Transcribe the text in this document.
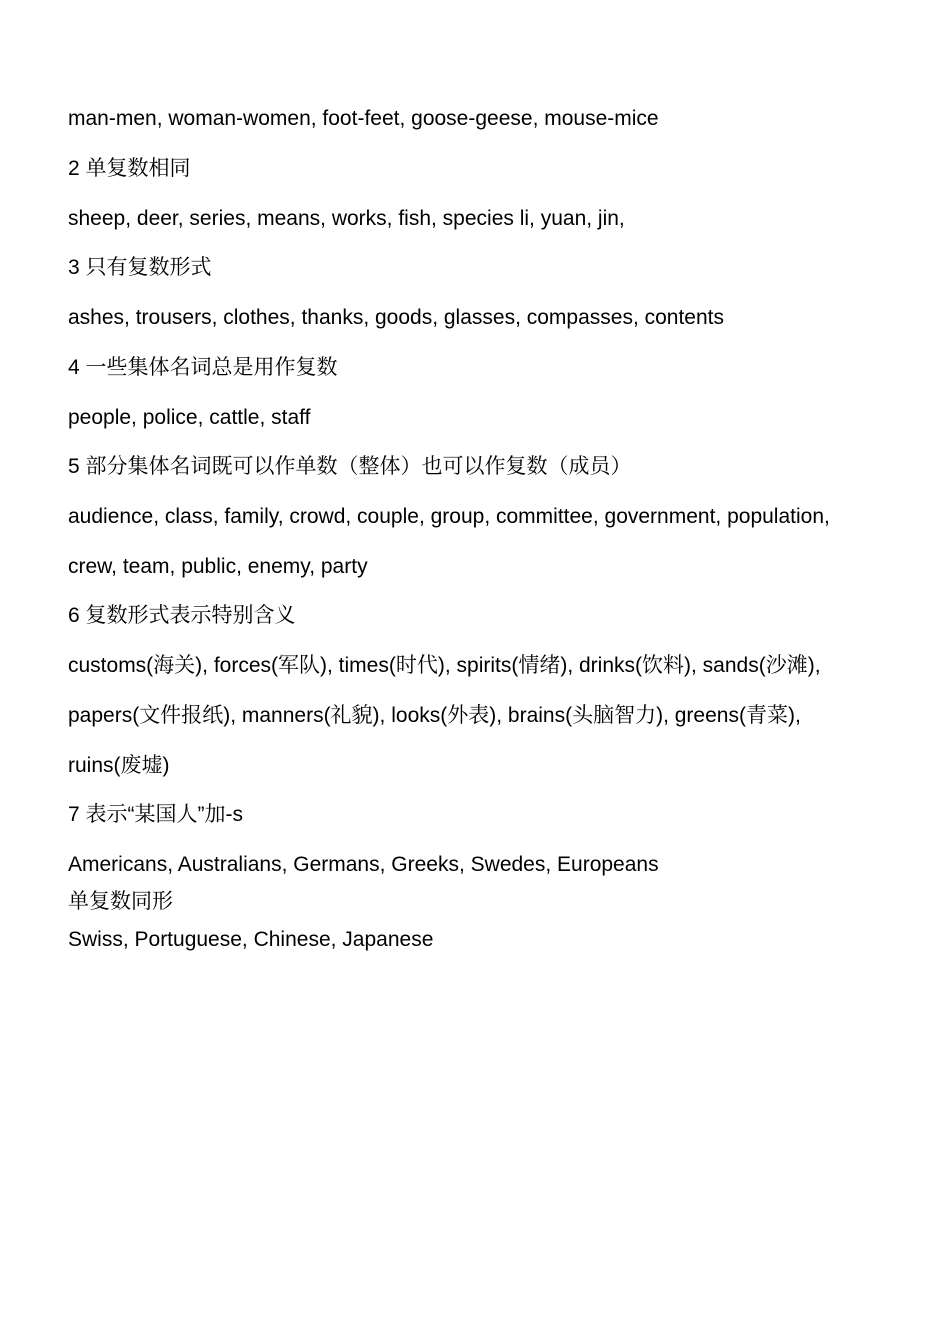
man-men, woman-women, foot-feet, goose-geese, mouse-mice
2 单复数相同
sheep, deer, series, means, works, fish, species li, yuan, jin,
3 只有复数形式
ashes, trousers, clothes, thanks, goods, glasses, compasses, contents
4 一些集体名词总是用作复数
people, police, cattle, staff
5 部分集体名词既可以作单数（整体）也可以作复数（成员）
audience, class, family, crowd, couple, group, committee, government, population,
crew, team, public, enemy, party
6 复数形式表示特别含义
customs(海关), forces(军队), times(时代), spirits(情绪), drinks(饮料), sands(沙滩),
papers(文件报纸), manners(礼貌), looks(外表), brains(头脑智力), greens(青菜),
ruins(废墟)
7 表示“某国人”加-s
Americans, Australians, Germans, Greeks, Swedes, Europeans
单复数同形
Swiss, Portuguese, Chinese, Japanese
